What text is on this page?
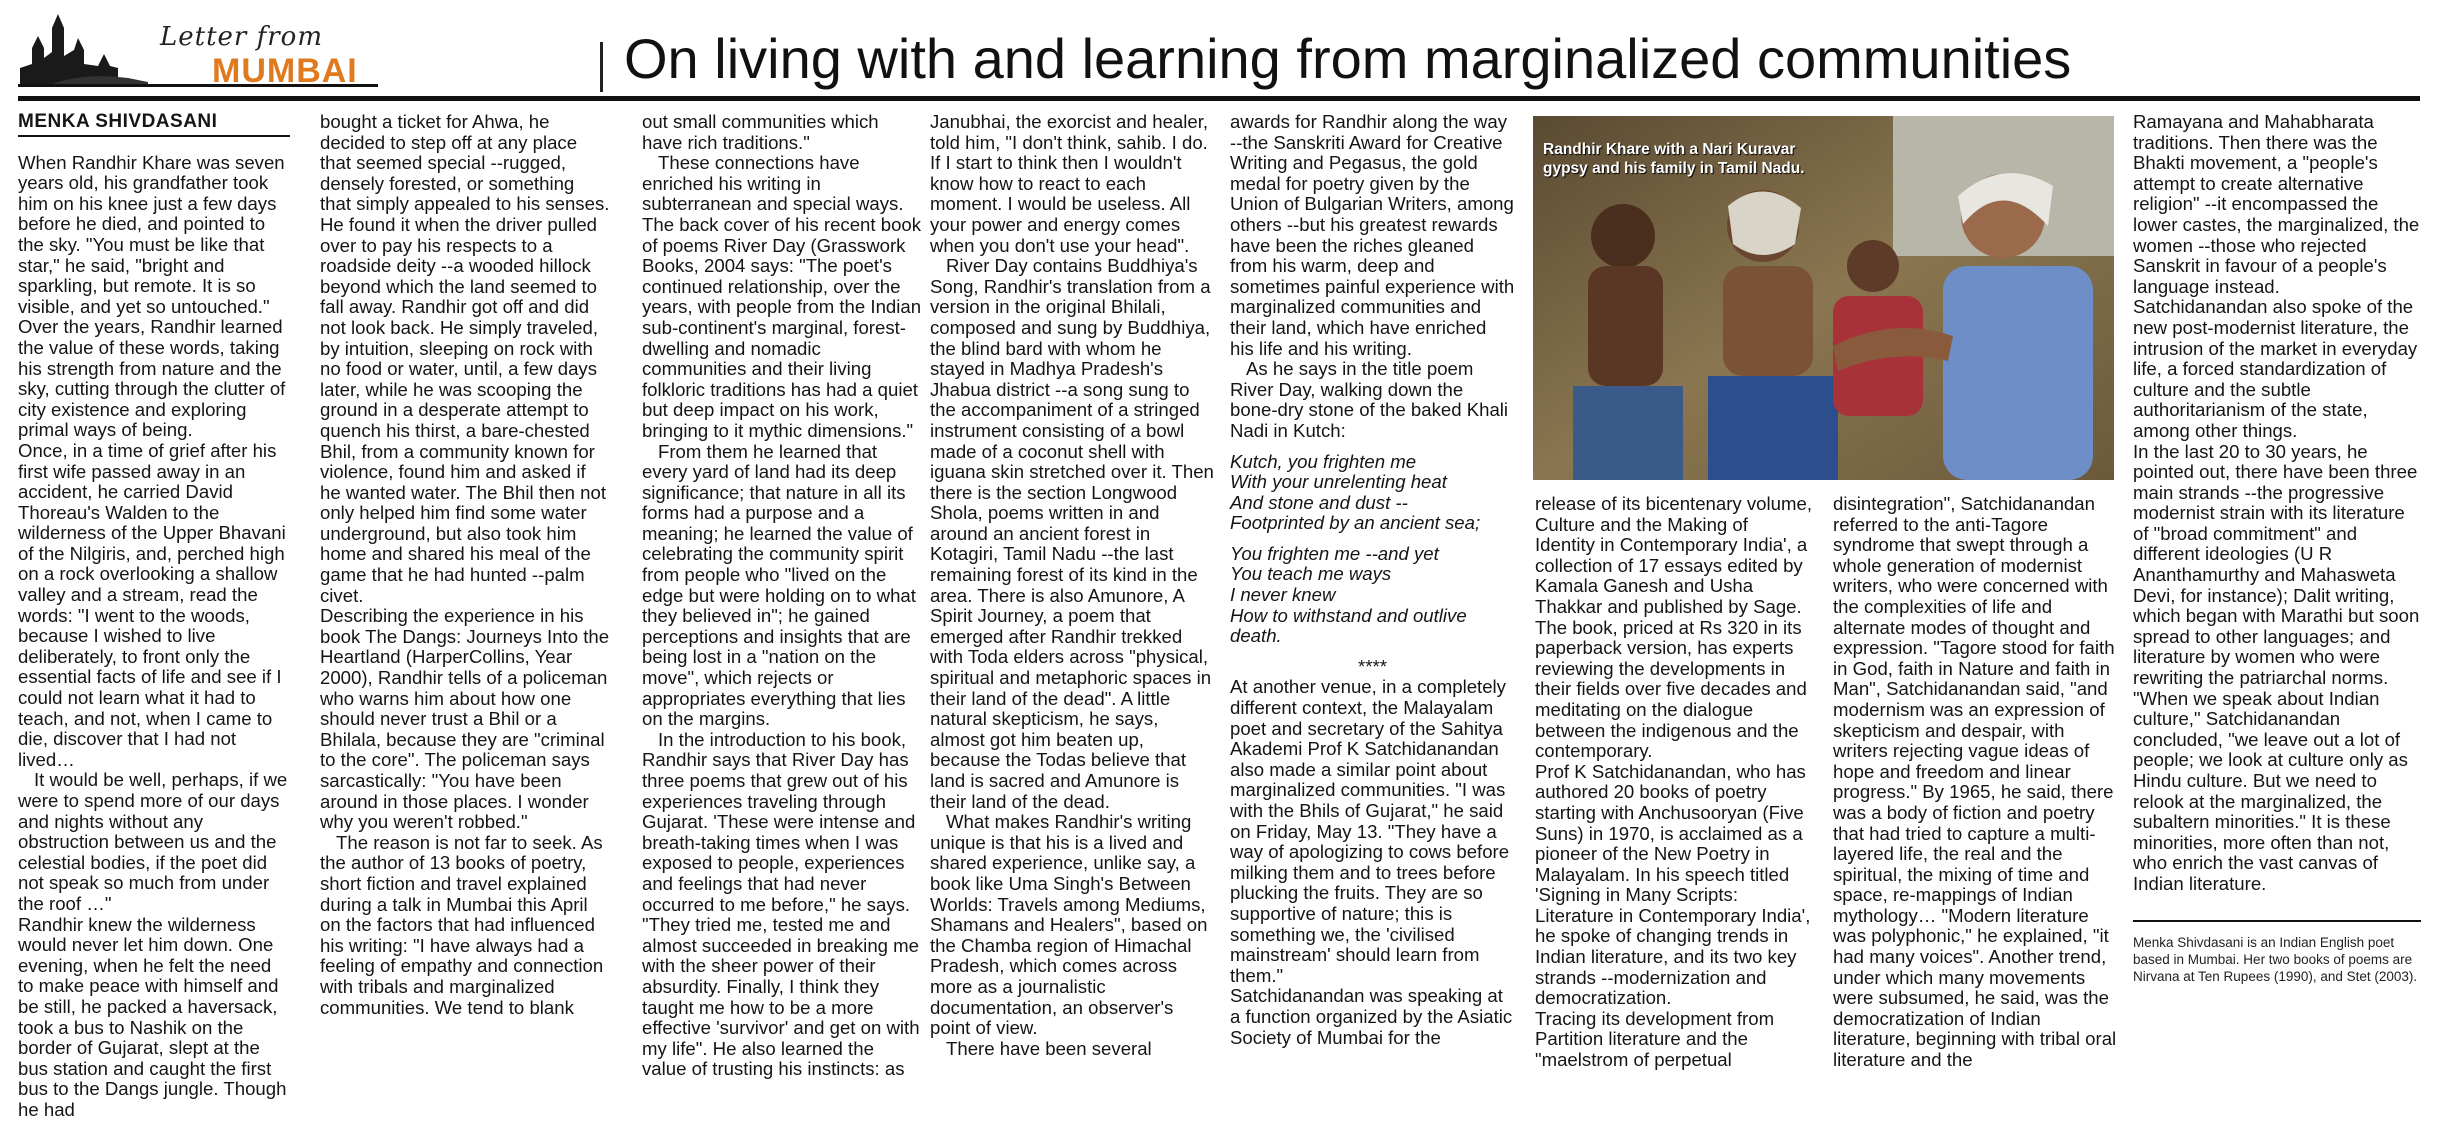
Letter from
MUMBAI	On living with and learning from marginalized communities
MENKA SHIVDASANI

When Randhir Khare was seven years old, his grandfather took him on his knee just a few days before he died, and pointed to the sky. "You must be like that star," he said, "bright and sparkling, but remote. It is so visible, and yet so untouched."

Over the years, Randhir learned the value of these words, taking his strength from nature and the sky, cutting through the clutter of city existence and exploring primal ways of being.

Once, in a time of grief after his first wife passed away in an accident, he carried David Thoreau's Walden to the wilderness of the Upper Bhavani of the Nilgiris, and, perched high on a rock overlooking a shallow valley and a stream, read the words: "I went to the woods, because I wished to live deliberately, to front only the essential facts of life and see if I could not learn what it had to teach, and not, when I came to die, discover that I had not lived…

It would be well, perhaps, if we were to spend more of our days and nights without any obstruction between us and the celestial bodies, if the poet did not speak so much from under the roof …"

Randhir knew the wilderness would never let him down. One evening, when he felt the need to make peace with himself and be still, he packed a haversack, took a bus to Nashik on the border of Gujarat, slept at the bus station and caught the first bus to the Dangs jungle. Though he had

bought a ticket for Ahwa, he decided to step off at any place that seemed special --rugged, densely forested, or something that simply appealed to his senses. He found it when the driver pulled over to pay his respects to a roadside deity --a wooded hillock beyond which the land seemed to fall away. Randhir got off and did not look back. He simply traveled, by intuition, sleeping on rock with no food or water, until, a few days later, while he was scooping the ground in a desperate attempt to quench his thirst, a bare-chested Bhil, from a community known for violence, found him and asked if he wanted water. The Bhil then not only helped him find some water underground, but also took him home and shared his meal of the game that he had hunted --palm civet.

Describing the experience in his book The Dangs: Journeys Into the Heartland (HarperCollins, Year 2000), Randhir tells of a policeman who warns him about how one should never trust a Bhil or a Bhilala, because they are "criminal to the core". The policeman says sarcastically: "You have been around in those places. I wonder why you weren't robbed."

The reason is not far to seek. As the author of 13 books of poetry, short fiction and travel explained during a talk in Mumbai this April on the factors that had influenced his writing: "I have always had a feeling of empathy and connection with tribals and marginalized communities. We tend to blank

out small communities which have rich traditions."

These connections have enriched his writing in subterranean and special ways. The back cover of his recent book of poems River Day (Grasswork Books, 2004 says: "The poet's continued relationship, over the years, with people from the Indian sub-continent's marginal, forest-dwelling and nomadic communities and their living folkloric traditions has had a quiet but deep impact on his work, bringing to it mythic dimensions."

From them he learned that every yard of land had its deep significance; that nature in all its forms had a purpose and a meaning; he learned the value of celebrating the community spirit from people who "lived on the edge but were holding on to what they believed in"; he gained perceptions and insights that are being lost in a "nation on the move", which rejects or appropriates everything that lies on the margins.

In the introduction to his book, Randhir says that River Day has three poems that grew out of his experiences traveling through Gujarat. 'These were intense and breath-taking times when I was exposed to people, experiences and feelings that had never occurred to me before," he says. "They tried me, tested me and almost succeeded in breaking me with the sheer power of their absurdity. Finally, I think they taught me how to be a more effective 'survivor' and get on with my life". He also learned the value of trusting his instincts: as

Janubhai, the exorcist and healer, told him, "I don't think, sahib. I do. If I start to think then I wouldn't know how to react to each moment. I would be useless. All your power and energy comes when you don't use your head".

River Day contains Buddhiya's Song, Randhir's translation from a version in the original Bhilali, composed and sung by Buddhiya, the blind bard with whom he stayed in Madhya Pradesh's Jhabua district --a song sung to the accompaniment of a stringed instrument consisting of a bowl made of a coconut shell with iguana skin stretched over it. Then there is the section Longwood Shola, poems written in and around an ancient forest in Kotagiri, Tamil Nadu --the last remaining forest of its kind in the area. There is also Amunore, A Spirit Journey, a poem that emerged after Randhir trekked with Toda elders across "physical, spiritual and metaphoric spaces in their land of the dead". A little natural skepticism, he says, almost got him beaten up, because the Todas believe that land is sacred and Amunore is their land of the dead.

What makes Randhir's writing unique is that his is a lived and shared experience, unlike say, a book like Uma Singh's Between Worlds: Travels among Mediums, Shamans and Healers", based on the Chamba region of Himachal Pradesh, which comes across more as a journalistic documentation, an observer's point of view.

There have been several

awards for Randhir along the way --the Sanskriti Award for Creative Writing and Pegasus, the gold medal for poetry given by the Union of Bulgarian Writers, among others --but his greatest rewards have been the riches gleaned from his warm, deep and sometimes painful experience with marginalized communities and their land, which have enriched his life and his writing.

As he says in the title poem River Day, walking down the bone-dry stone of the baked Khali Nadi in Kutch:

Kutch, you frighten me
With your unrelenting heat
And stone and dust --
Footprinted by an ancient sea;
You frighten me --and yet
You teach me ways
I never knew
How to withstand and outlive
death.

****

At another venue, in a completely different context, the Malayalam poet and secretary of the Sahitya Akademi Prof K Satchidanandan also made a similar point about marginalized communities. "I was with the Bhils of Gujarat," he said on Friday, May 13. "They have a way of apologizing to cows before milking them and to trees before plucking the fruits. They are so supportive of nature; this is something we, the 'civilised mainstream' should learn from them."

Satchidanandan was speaking at a function organized by the Asiatic Society of Mumbai for the

Randhir Khare with a Nari Kuravar gypsy and his family in Tamil Nadu.

release of its bicentenary volume, Culture and the Making of Identity in Contemporary India', a collection of 17 essays edited by Kamala Ganesh and Usha Thakkar and published by Sage. The book, priced at Rs 320 in its paperback version, has experts reviewing the developments in their fields over five decades and meditating on the dialogue between the indigenous and the contemporary.

Prof K Satchidanandan, who has authored 20 books of poetry starting with Anchusooryan (Five Suns) in 1970, is acclaimed as a pioneer of the New Poetry in Malayalam. In his speech titled 'Signing in Many Scripts: Literature in Contemporary India', he spoke of changing trends in Indian literature, and its two key strands --modernization and democratization.

Tracing its development from Partition literature and the "maelstrom of perpetual

disintegration", Satchidanandan referred to the anti-Tagore syndrome that swept through a whole generation of modernist writers, who were concerned with the complexities of life and alternate modes of thought and expression. "Tagore stood for faith in God, faith in Nature and faith in Man", Satchidanandan said, "and modernism was an expression of skepticism and despair, with writers rejecting vague ideas of hope and freedom and linear progress." By 1965, he said, there was a body of fiction and poetry that had tried to capture a multi-layered life, the real and the spiritual, the mixing of time and space, re-mappings of Indian mythology… "Modern literature was polyphonic," he explained, "it had many voices". Another trend, under which many movements were subsumed, he said, was the democratization of Indian literature, beginning with tribal oral literature and the

Ramayana and Mahabharata traditions. Then there was the Bhakti movement, a "people's attempt to create alternative religion" --it encompassed the lower castes, the marginalized, the women --those who rejected Sanskrit in favour of a people's language instead.

Satchidanandan also spoke of the new post-modernist literature, the intrusion of the market in everyday life, a forced standardization of culture and the subtle authoritarianism of the state, among other things.

In the last 20 to 30 years, he pointed out, there have been three main strands --the progressive modernist strain with its literature of "broad commitment" and different ideologies (U R Ananthamurthy and Mahasweta Devi, for instance); Dalit writing, which began with Marathi but soon spread to other languages; and literature by women who were rewriting the patriarchal norms.

"When we speak about Indian culture," Satchidanandan concluded, "we leave out a lot of people; we look at culture only as Hindu culture. But we need to relook at the marginalized, the subaltern minorities." It is these minorities, more often than not, who enrich the vast canvas of Indian literature.

Menka Shivdasani is an Indian English poet based in Mumbai. Her two books of poems are Nirvana at Ten Rupees (1990), and Stet (2003).
